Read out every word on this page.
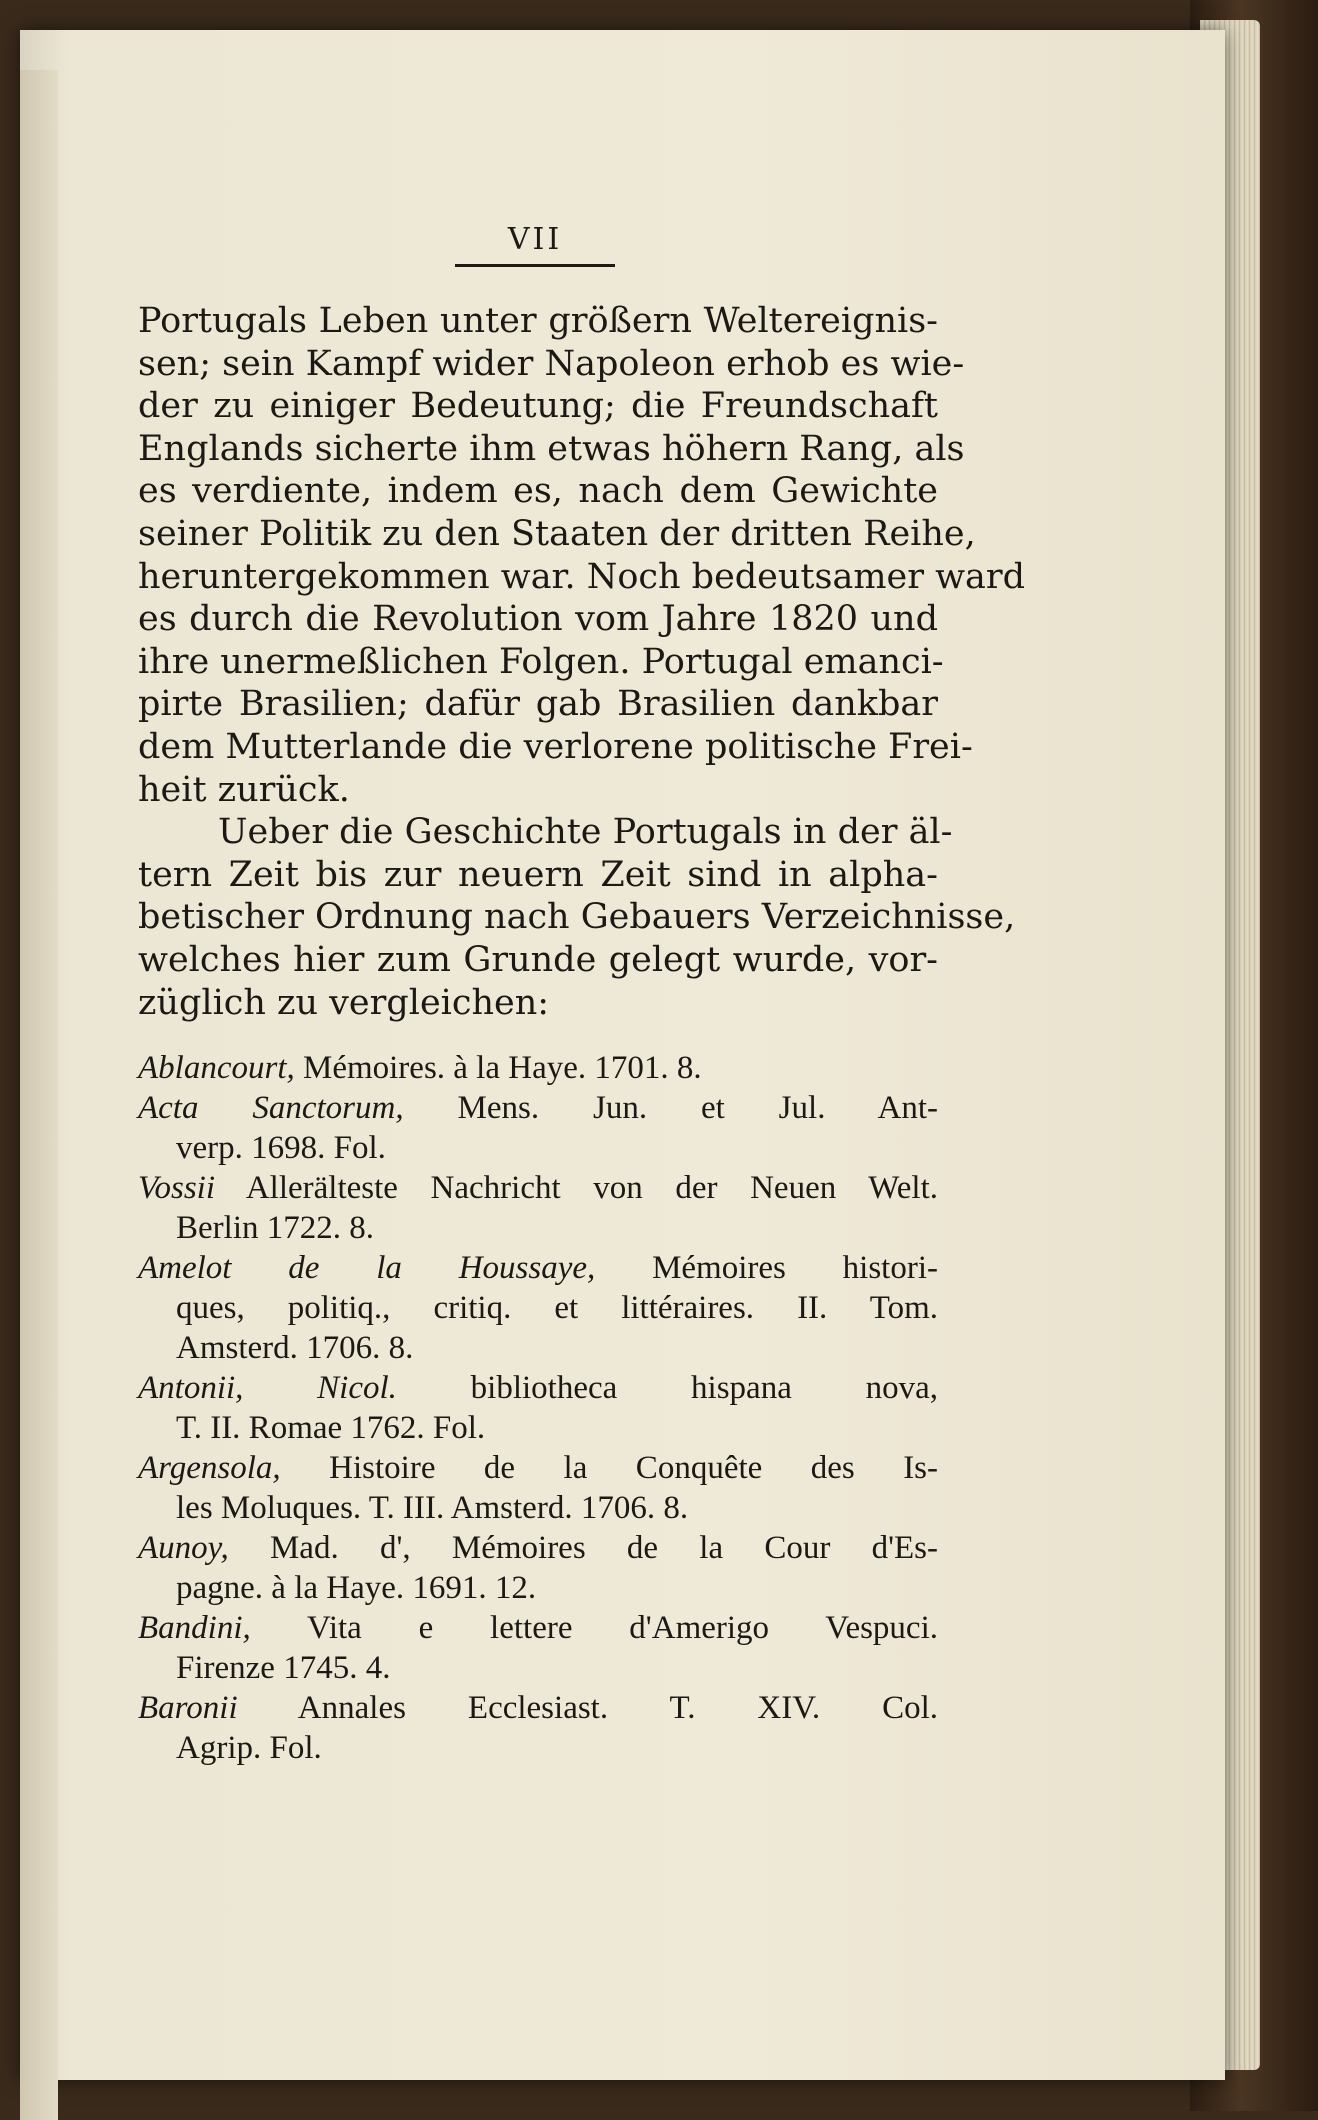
VII
Portugals Leben unter größern Weltereignis-
sen; sein Kampf wider Napoleon erhob es wie-
der zu einiger Bedeutung; die Freundschaft
Englands sicherte ihm etwas höhern Rang, als
es verdiente, indem es, nach dem Gewichte
seiner Politik zu den Staaten der dritten Reihe,
heruntergekommen war. Noch bedeutsamer ward
es durch die Revolution vom Jahre 1820 und
ihre unermeßlichen Folgen. Portugal emanci-
pirte Brasilien; dafür gab Brasilien dankbar
dem Mutterlande die verlorene politische Frei-
heit zurück.
Ueber die Geschichte Portugals in der äl-
tern Zeit bis zur neuern Zeit sind in alpha-
betischer Ordnung nach Gebauers Verzeichnisse,
welches hier zum Grunde gelegt wurde, vor-
züglich zu vergleichen:
Ablancourt, Mémoires. à la Haye. 1701. 8.
Acta Sanctorum, Mens. Jun. et Jul. Ant-
verp. 1698. Fol.
Vossii Allerälteste Nachricht von der Neuen Welt.
Berlin 1722. 8.
Amelot de la Houssaye, Mémoires histori-
ques, politiq., critiq. et littéraires. II. Tom.
Amsterd. 1706. 8.
Antonii, Nicol. bibliotheca hispana nova,
T. II. Romae 1762. Fol.
Argensola, Histoire de la Conquête des Is-
les Moluques. T. III. Amsterd. 1706. 8.
Aunoy, Mad. d', Mémoires de la Cour d'Es-
pagne. à la Haye. 1691. 12.
Bandini, Vita e lettere d'Amerigo Vespuci.
Firenze 1745. 4.
Baronii Annales Ecclesiast. T. XIV. Col.
Agrip. Fol.
